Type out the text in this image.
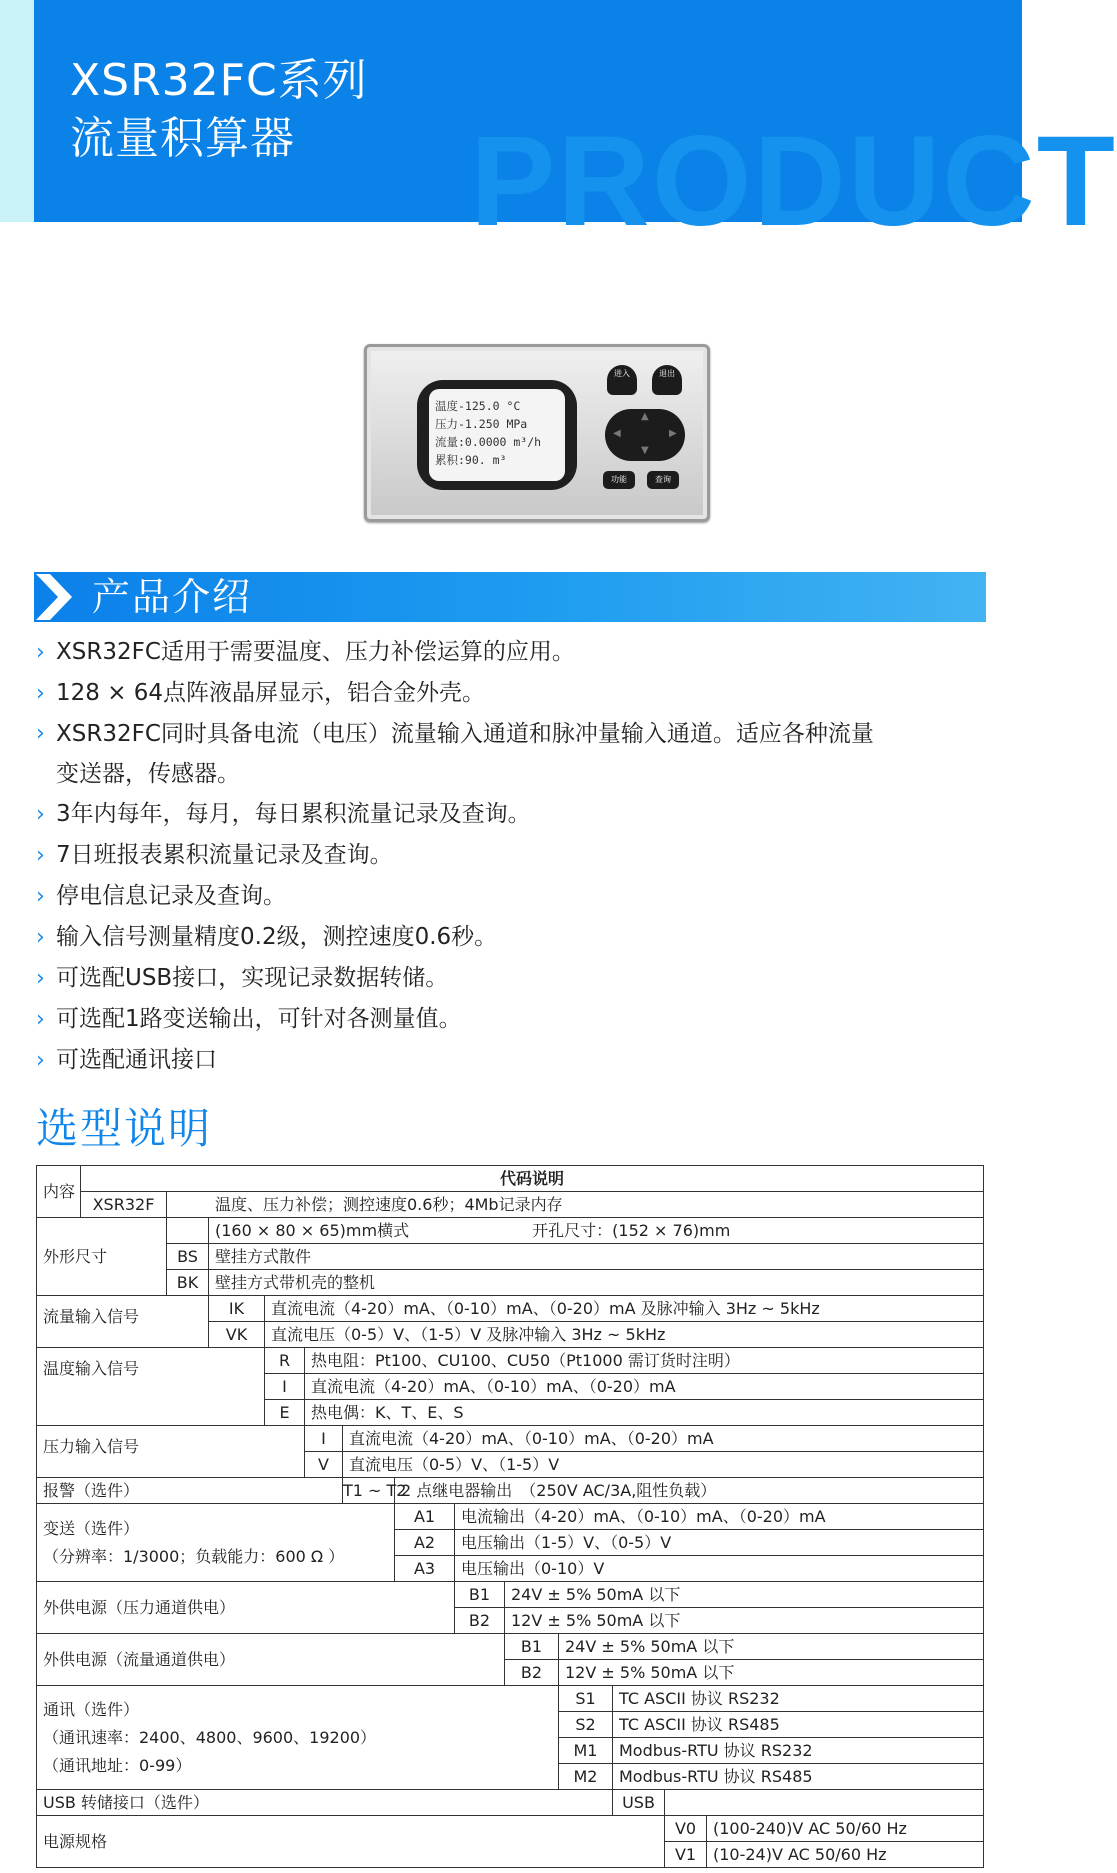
PRODUCT
XSR32FC系列
流量积算器
温度-125.0 °C
压力-1.250 MPa
流量:0.0000 m³/h
累积:90. m³
进入	退出
▲
▼
◀	▶
功能	查询
产品介绍
› XSR32FC适用于需要温度、压力补偿运算的应用。
› 128 × 64点阵液晶屏显示，铝合金外壳。
› XSR32FC同时具备电流（电压）流量输入通道和脉冲量输入通道。适应各种流量
变送器，传感器。
› 3年内每年，每月，每日累积流量记录及查询。
› 7日班报表累积流量记录及查询。
› 停电信息记录及查询。
› 输入信号测量精度0.2级，测控速度0.6秒。
› 可选配USB接口，实现记录数据转储。
› 可选配1路变送输出，可针对各测量值。
› 可选配通讯接口
选型说明
内容	代码说明												
	XSR32F	温度、压力补偿；测控速度0.6秒；4Mb记录内存											
外形尺寸			(160 × 80 × 65)mm横式 开孔尺寸：(152 × 76)mm										
		BS	壁挂方式散件										
		BK	壁挂方式带机壳的整机										
流量输入信号			IK	直流电流（4-20）mA、（0-10）mA、（0-20）mA 及脉冲输入 3Hz ~ 5kHz									
			VK	直流电压（0-5）V、（1-5）V 及脉冲输入 3Hz ~ 5kHz									
温度输入信号				R	热电阻：Pt100、CU100、CU50（Pt1000 需订货时注明）								
				I	直流电流（4-20）mA、（0-10）mA、（0-20）mA								
				E	热电偶：K、T、E、S								
压力输入信号					I	直流电流（4-20）mA、（0-10）mA、（0-20）mA							
					V	直流电压（0-5）V、（1-5）V							
报警（选件）						T1 ~ T2	2 点继电器输出　（250V AC/3A,阻性负载）						

变送（选件）
（分辨率：1/3000；负载能力：600 Ω ）							A1	电流输出（4-20）mA、（0-10）mA、（0-20）mA					
							A2	电压输出（1-5）V、（0-5）V					
							A3	电压输出（0-10）V					
外供电源（压力通道供电）								B1	24V ± 5% 50mA 以下				
								B2	12V ± 5% 50mA 以下				
外供电源（流量通道供电）									B1	24V ± 5% 50mA 以下			
									B2	12V ± 5% 50mA 以下			

通讯（选件）
（通讯速率：2400、4800、9600、19200）
（通讯地址：0-99）										S1	TC ASCII 协议 RS232		
										S2	TC ASCII 协议 RS485		
										M1	Modbus-RTU 协议 RS232		
										M2	Modbus-RTU 协议 RS485		
USB 转储接口（选件）											USB		
电源规格												V0	(100-240)V AC 50/60 Hz
												V1	(10-24)V AC 50/60 Hz
